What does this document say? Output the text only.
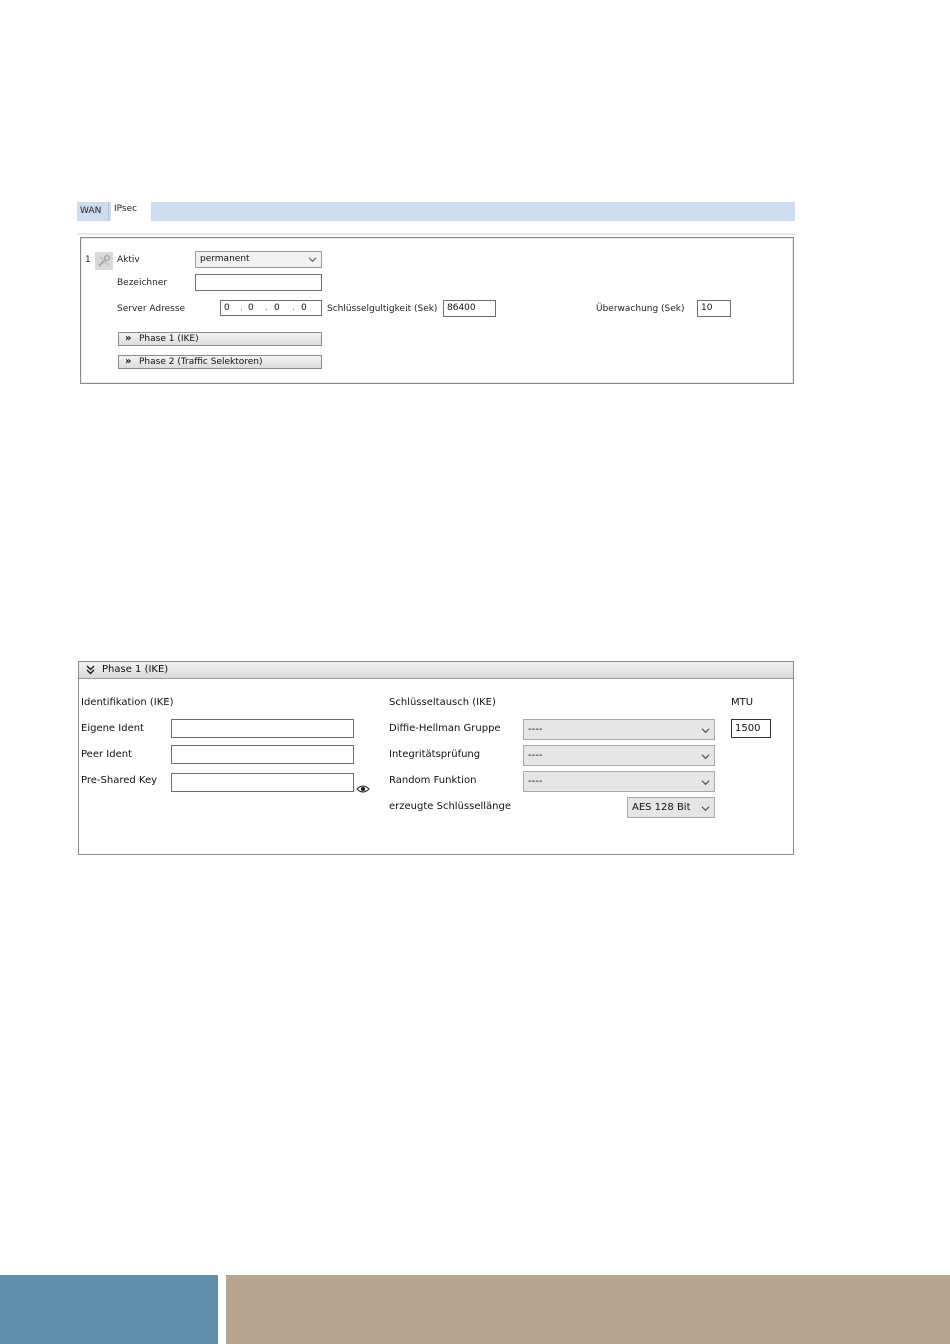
WAN	IPsec
1	Aktiv	permanent
Bezeichner
Server Adresse	0 . 0 . 0 . 0 Schlüsselgultigkeit (Sek)	86400	Überwachung (Sek)	10
» Phase 1 (IKE)
» Phase 2 (Traffic Selektoren)
Phase 1 (IKE)
Identifikation (IKE)
Eigene Ident
Peer Ident
Pre-Shared Key
Schlüsseltausch (IKE)
Diffie-Hellman Gruppe	----
Integritätsprüfung	----
Random Funktion	----
erzeugte Schlüssellänge	AES 128 Bit
MTU
1500
